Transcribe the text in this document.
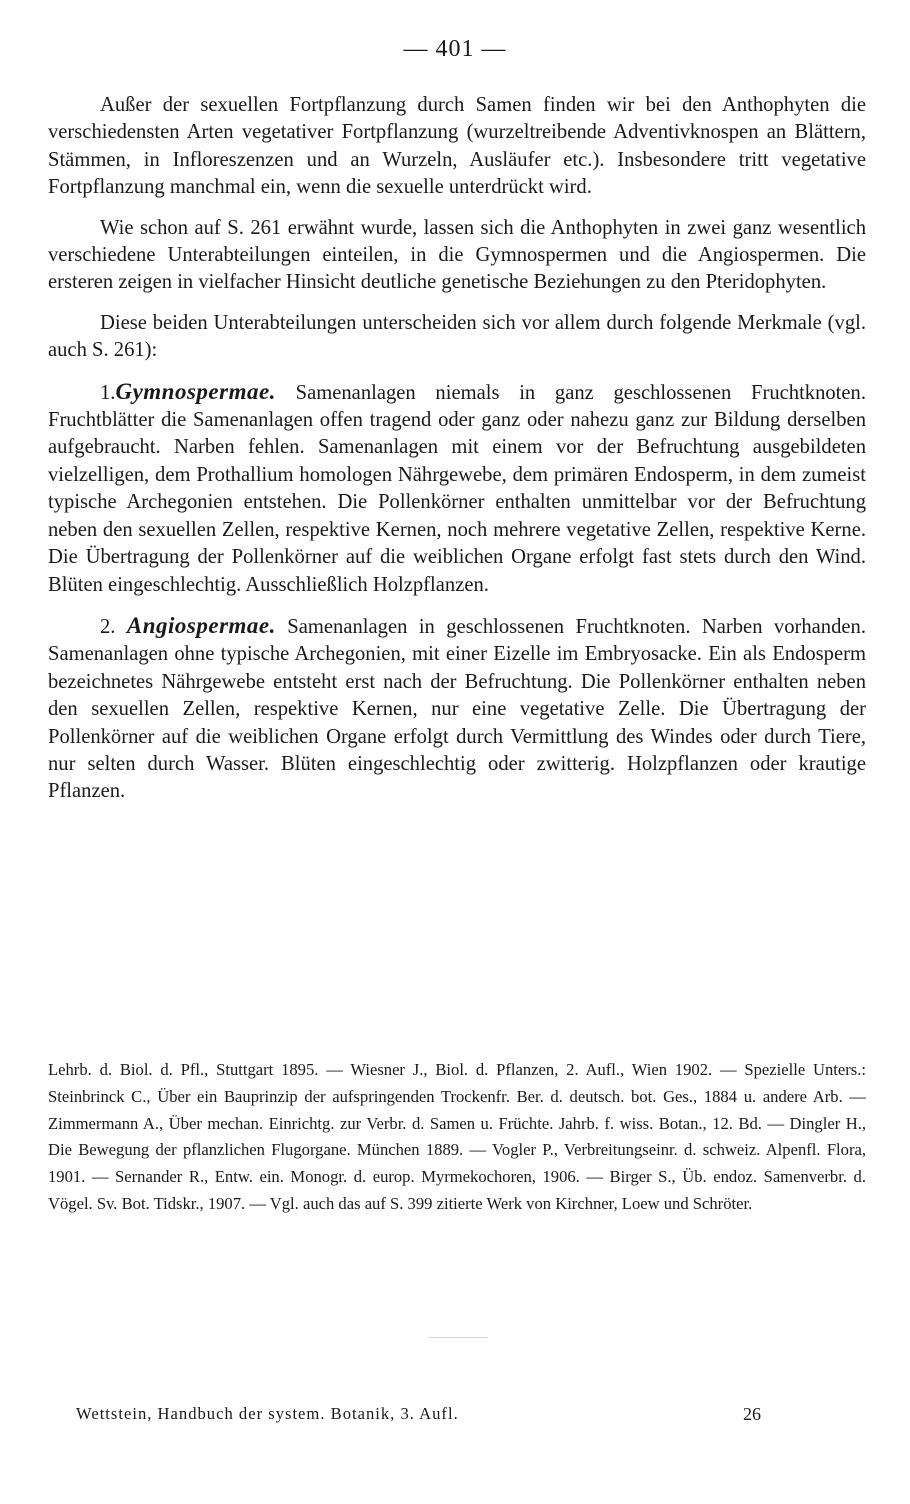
— 401 —

Außer der sexuellen Fortpflanzung durch Samen finden wir bei den Anthophyten die verschiedensten Arten vegetativer Fortpflanzung (wurzeltreibende Adventivknospen an Blättern, Stämmen, in Infloreszenzen und an Wurzeln, Ausläufer etc.). Insbesondere tritt vegetative Fortpflanzung manchmal ein, wenn die sexuelle unterdrückt wird.

Wie schon auf S. 261 erwähnt wurde, lassen sich die Anthophyten in zwei ganz wesentlich verschiedene Unterabteilungen einteilen, in die Gymnospermen und die Angiospermen. Die ersteren zeigen in vielfacher Hinsicht deutliche genetische Beziehungen zu den Pteridophyten.

Diese beiden Unterabteilungen unterscheiden sich vor allem durch folgende Merkmale (vgl. auch S. 261):

1.Gymnospermae. Samenanlagen niemals in ganz geschlossenen Fruchtknoten. Fruchtblätter die Samenanlagen offen tragend oder ganz oder nahezu ganz zur Bildung derselben aufgebraucht. Narben fehlen. Samenanlagen mit einem vor der Befruchtung ausgebildeten vielzelligen, dem Prothallium homologen Nährgewebe, dem primären Endosperm, in dem zumeist typische Archegonien entstehen. Die Pollenkörner enthalten unmittelbar vor der Befruchtung neben den sexuellen Zellen, respektive Kernen, noch mehrere vegetative Zellen, respektive Kerne. Die Übertragung der Pollenkörner auf die weiblichen Organe erfolgt fast stets durch den Wind. Blüten eingeschlechtig. Ausschließlich Holzpflanzen.

2. Angiospermae. Samenanlagen in geschlossenen Fruchtknoten. Narben vorhanden. Samenanlagen ohne typische Archegonien, mit einer Eizelle im Embryosacke. Ein als Endosperm bezeichnetes Nährgewebe entsteht erst nach der Befruchtung. Die Pollenkörner enthalten neben den sexuellen Zellen, respektive Kernen, nur eine vegetative Zelle. Die Übertragung der Pollenkörner auf die weiblichen Organe erfolgt durch Vermittlung des Windes oder durch Tiere, nur selten durch Wasser. Blüten eingeschlechtig oder zwitterig. Holzpflanzen oder krautige Pflanzen.

Lehrb. d. Biol. d. Pfl., Stuttgart 1895. — Wiesner J., Biol. d. Pflanzen, 2. Aufl., Wien 1902. — Spezielle Unters.: Steinbrinck C., Über ein Bauprinzip der aufspringenden Trockenfr. Ber. d. deutsch. bot. Ges., 1884 u. andere Arb. — Zimmermann A., Über mechan. Einrichtg. zur Verbr. d. Samen u. Früchte. Jahrb. f. wiss. Botan., 12. Bd. — Dingler H., Die Bewegung der pflanzlichen Flugorgane. München 1889. — Vogler P., Verbreitungseinr. d. schweiz. Alpenfl. Flora, 1901. — Sernander R., Entw. ein. Monogr. d. europ. Myrmekochoren, 1906. — Birger S., Üb. endoz. Samenverbr. d. Vögel. Sv. Bot. Tidskr., 1907. — Vgl. auch das auf S. 399 zitierte Werk von Kirchner, Loew und Schröter.

Wettstein, Handbuch der system. Botanik, 3. Aufl.	26
